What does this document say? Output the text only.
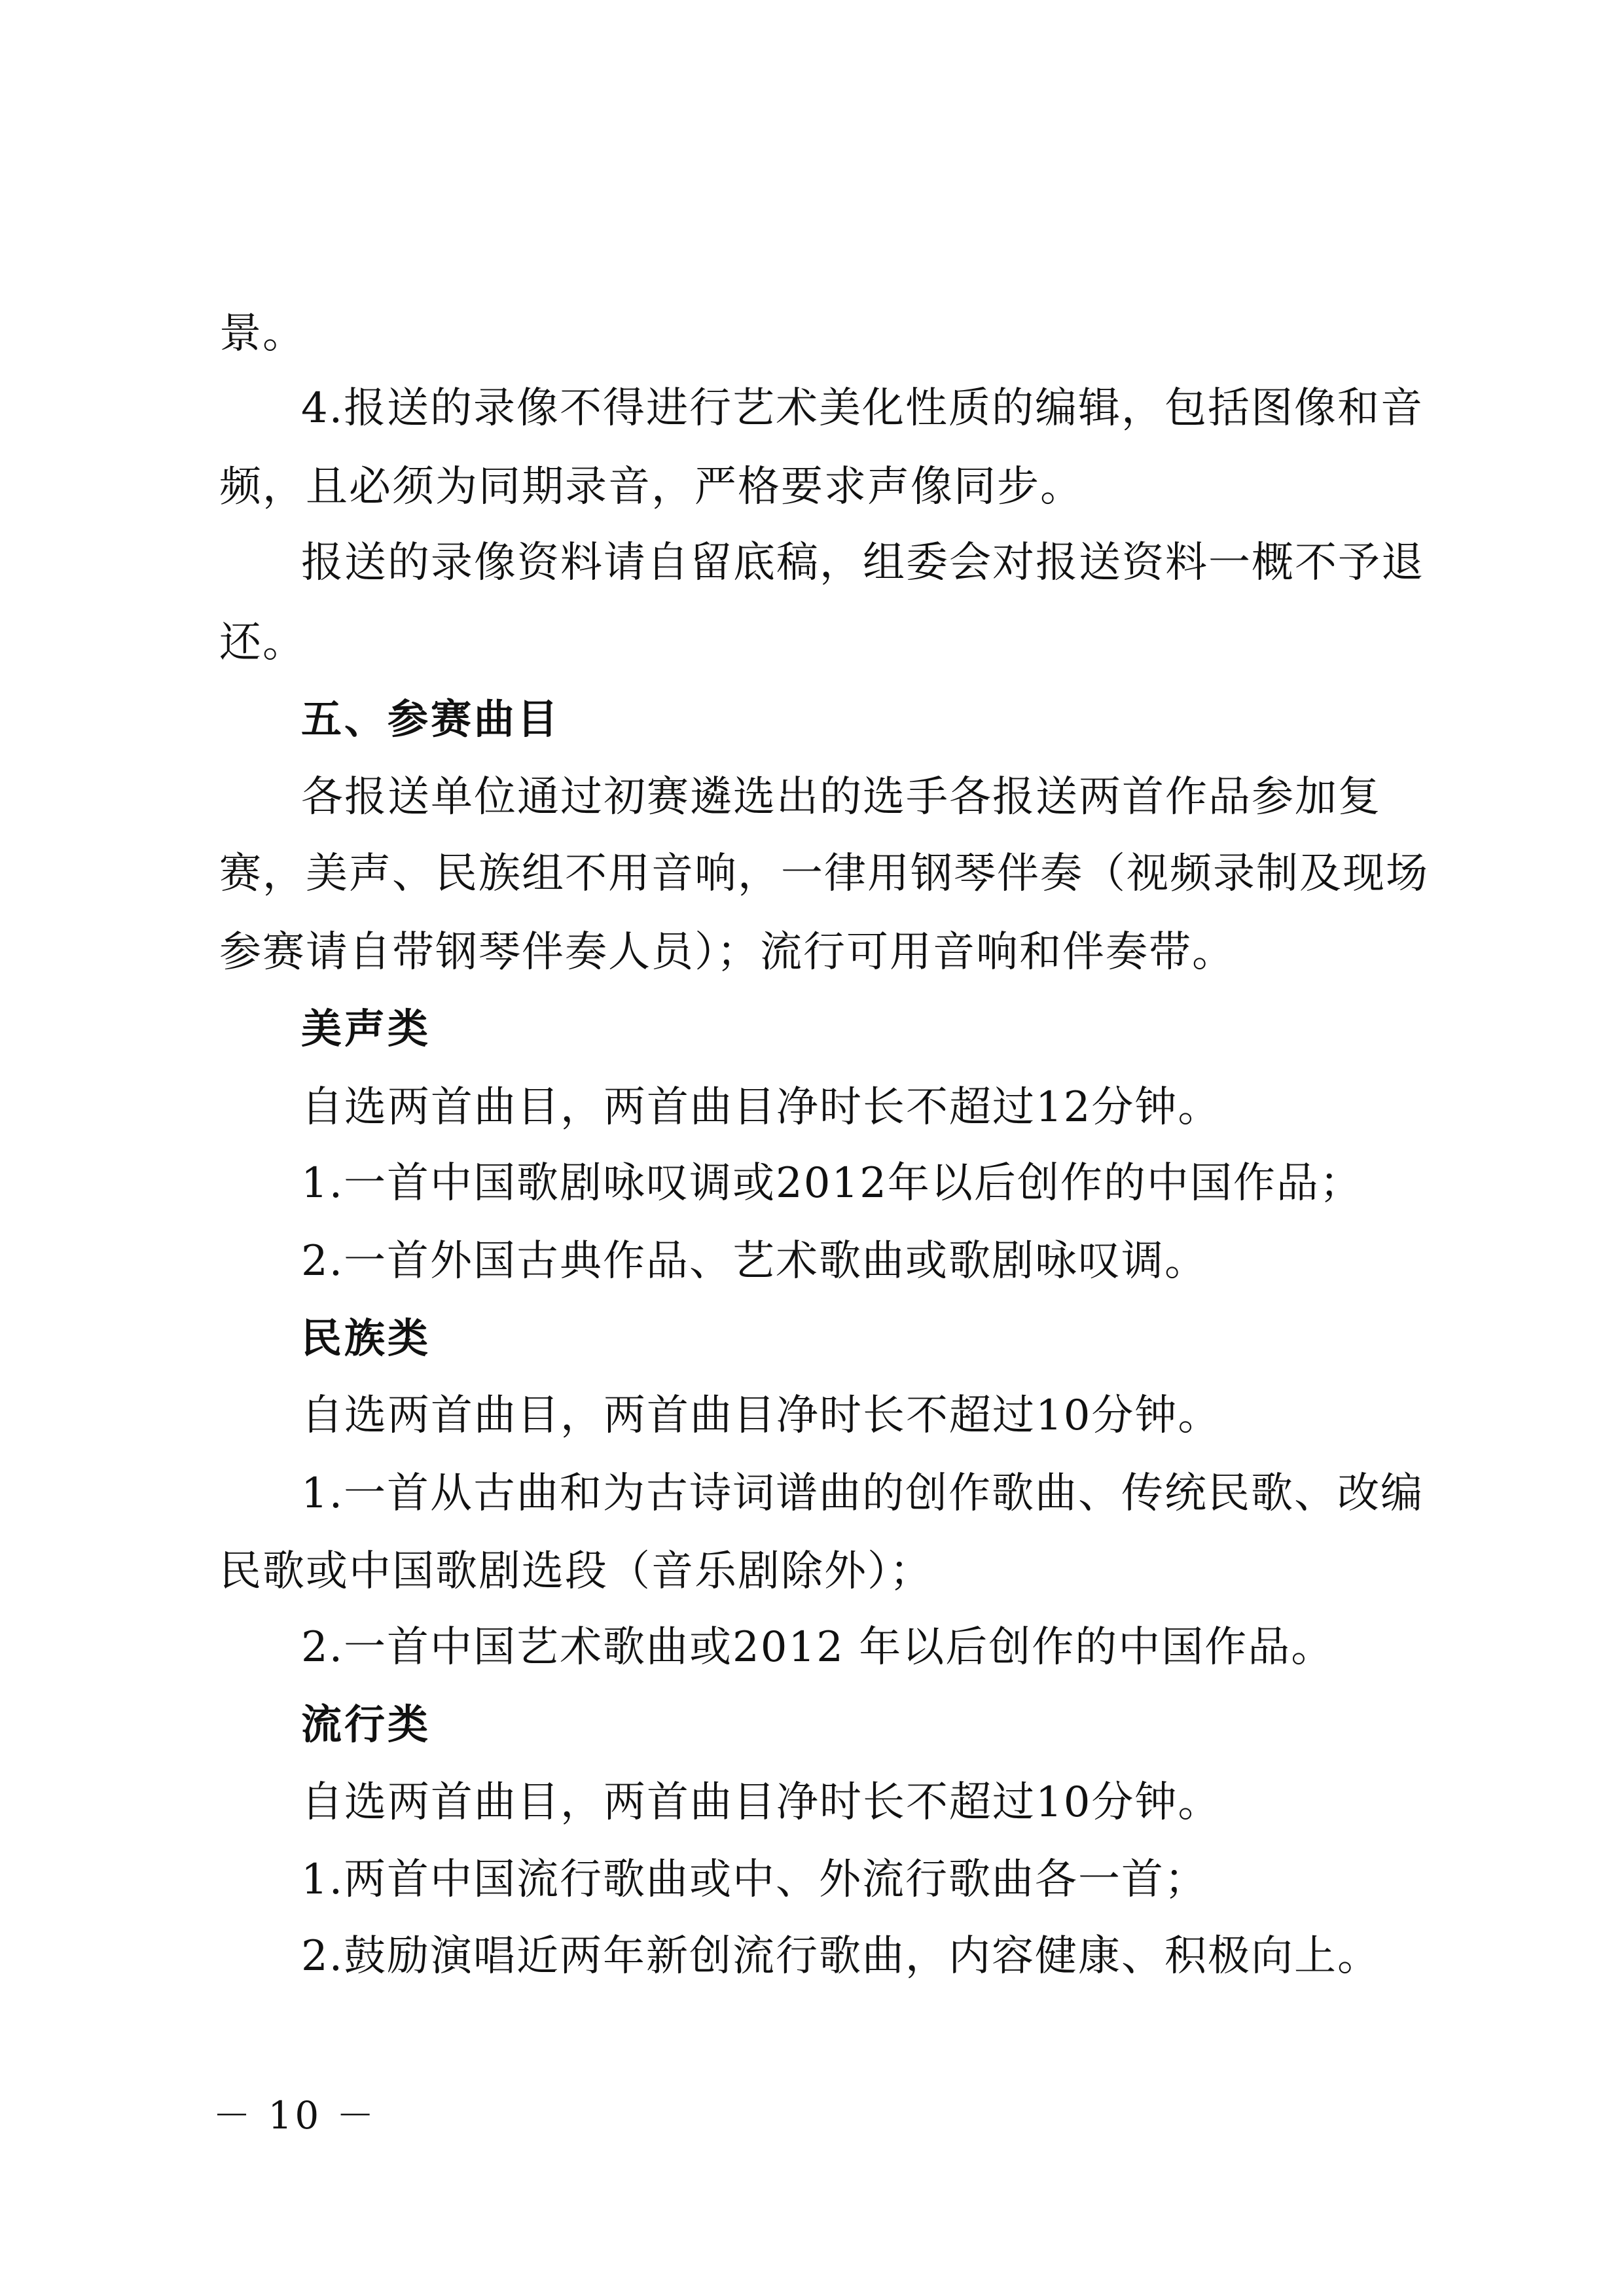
景。
4.报送的录像不得进行艺术美化性质的编辑，包括图像和音
频，且必须为同期录音，严格要求声像同步。
报送的录像资料请自留底稿，组委会对报送资料一概不予退
还。
五、参赛曲目
各报送单位通过初赛遴选出的选手各报送两首作品参加复
赛，美声、民族组不用音响，一律用钢琴伴奏（视频录制及现场
参赛请自带钢琴伴奏人员）；流行可用音响和伴奏带。
美声类
自选两首曲目，两首曲目净时长不超过12分钟。
1.一首中国歌剧咏叹调或2012年以后创作的中国作品；
2.一首外国古典作品、艺术歌曲或歌剧咏叹调。
民族类
自选两首曲目，两首曲目净时长不超过10分钟。
1.一首从古曲和为古诗词谱曲的创作歌曲、传统民歌、改编
民歌或中国歌剧选段（音乐剧除外）；
2.一首中国艺术歌曲或2012 年以后创作的中国作品。
流行类
自选两首曲目，两首曲目净时长不超过10分钟。
1.两首中国流行歌曲或中、外流行歌曲各一首；
2.鼓励演唱近两年新创流行歌曲，内容健康、积极向上。
－ 10 －
